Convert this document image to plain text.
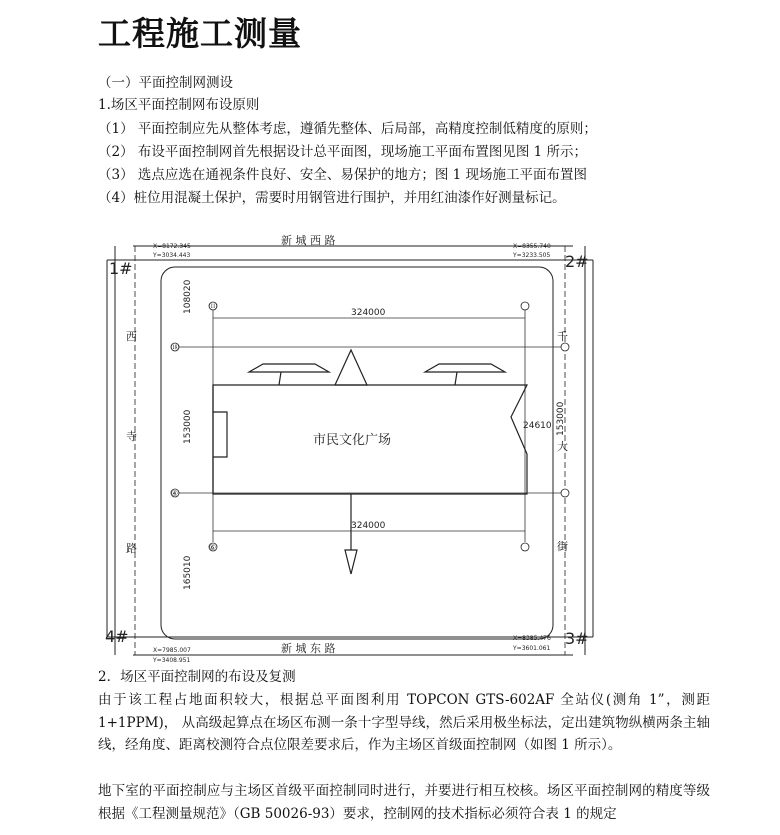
工程施工测量
（一）平面控制网测设
1.场区平面控制网布设原则
（1） 平面控制应先从整体考虑，遵循先整体、后局部，高精度控制低精度的原则；
（2） 布设平面控制网首先根据设计总平面图，现场施工平面布置图见图 1 所示；
（3） 选点应选在通视条件良好、安全、易保护的地方；图 1 现场施工平面布置图
（4）桩位用混凝土保护，需要时用钢管进行围护，并用红油漆作好测量标记。
新 城 西 路
新 城 东 路
西
寺
路
千
大
街
1#	2#
3#
4#
X=8172.345
Y=3034.443
X=8355.740
Y=3233.505
X=8385.476
Y=3601.061
X=7985.007
Y=3408.951
324000
324000
24610
108020
153000
165010
153000
⑪
⑱
④
⑥
市民文化广场
2．场区平面控制网的布设及复测

由于该工程占地面积较大，根据总平面图利用 TOPCON GTS-602AF 全站仪(测角 1”，测距 1+1PPM)， 从高级起算点在场区布测一条十字型导线，然后采用极坐标法，定出建筑物纵横两条主轴线，经角度、距离校测符合点位限差要求后，作为主场区首级面控制网（如图 1 所示）。

地下室的平面控制应与主场区首级平面控制同时进行，并要进行相互校核。场区平面控制网的精度等级根据《工程测量规范》（GB 50026-93）要求，控制网的技术指标必须符合表 1 的规定
